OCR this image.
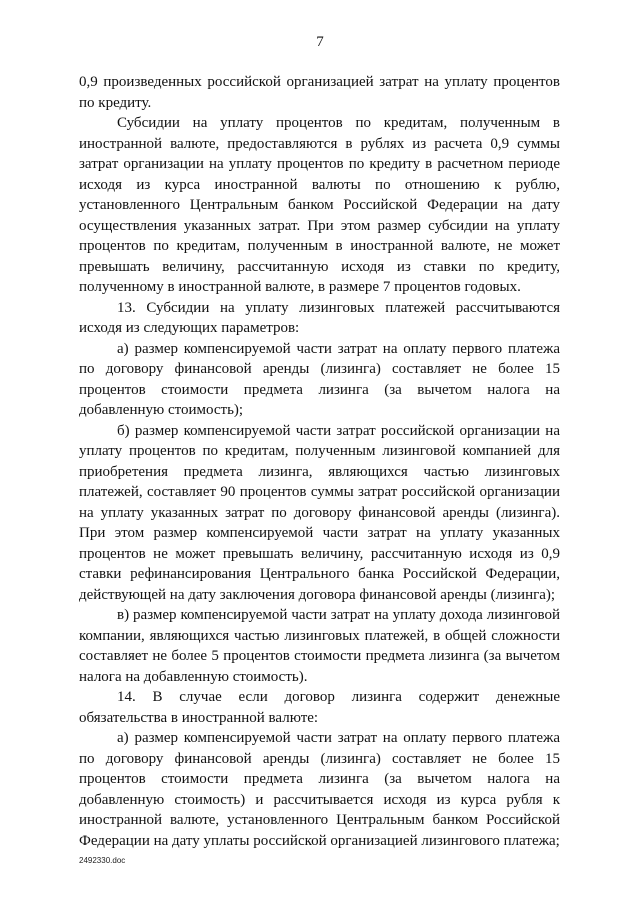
7

0,9 произведенных российской организацией затрат на уплату процентов по кредиту.

Субсидии на уплату процентов по кредитам, полученным в иностранной валюте, предоставляются в рублях из расчета 0,9 суммы затрат организации на уплату процентов по кредиту в расчетном периоде исходя из курса иностранной валюты по отношению к рублю, установленного Центральным банком Российской Федерации на дату осуществления указанных затрат. При этом размер субсидии на уплату процентов по кредитам, полученным в иностранной валюте, не может превышать величину, рассчитанную исходя из ставки по кредиту, полученному в иностранной валюте, в размере 7 процентов годовых.

13. Субсидии на уплату лизинговых платежей рассчитываются исходя из следующих параметров:

а) размер компенсируемой части затрат на оплату первого платежа по договору финансовой аренды (лизинга) составляет не более 15 процентов стоимости предмета лизинга (за вычетом налога на добавленную стоимость);

б) размер компенсируемой части затрат российской организации на уплату процентов по кредитам, полученным лизинговой компанией для приобретения предмета лизинга, являющихся частью лизинговых платежей, составляет 90 процентов суммы затрат российской организации на уплату указанных затрат по договору финансовой аренды (лизинга). При этом размер компенсируемой части затрат на уплату указанных процентов не может превышать величину, рассчитанную исходя из 0,9 ставки рефинансирования Центрального банка Российской Федерации, действующей на дату заключения договора финансовой аренды (лизинга);

в) размер компенсируемой части затрат на уплату дохода лизинговой компании, являющихся частью лизинговых платежей, в общей сложности составляет не более 5 процентов стоимости предмета лизинга (за вычетом налога на добавленную стоимость).

14. В случае если договор лизинга содержит денежные обязательства в иностранной валюте:

а) размер компенсируемой части затрат на оплату первого платежа по договору финансовой аренды (лизинга) составляет не более 15 процентов стоимости предмета лизинга (за вычетом налога на добавленную стоимость) и рассчитывается исходя из курса рубля к иностранной валюте, установленного Центральным банком Российской Федерации на дату уплаты российской организацией лизингового платежа;

2492330.doc
